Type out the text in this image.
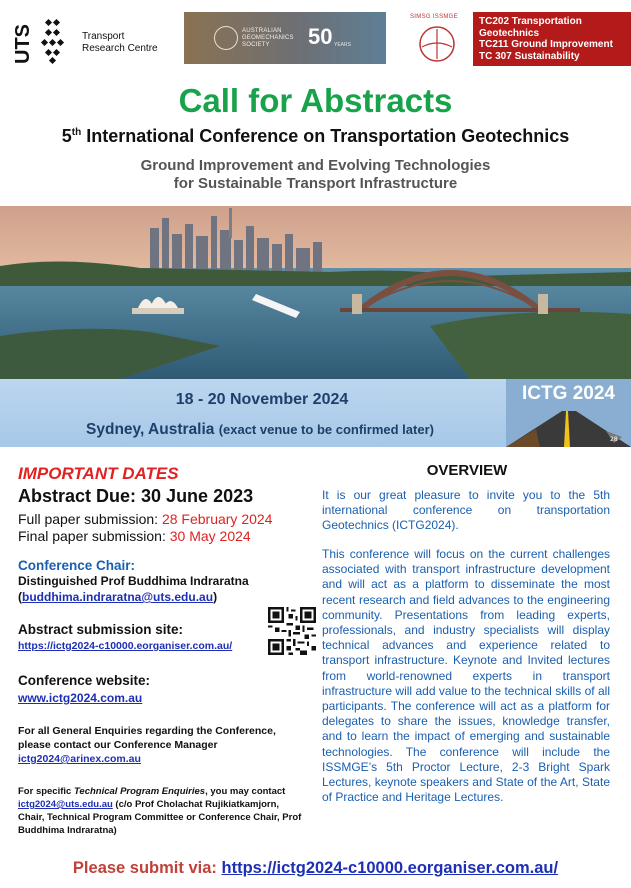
UTS	Transport
Research Centre
AUSTRALIAN
GEOMECHANICS
SOCIETY	50 YEARS
SIMSG ISSMGE TC202 Transportation
Geotechnics
TC211 Ground Improvement
TC 307 Sustainability
Call for Abstracts
5th International Conference on Transportation Geotechnics
Ground Improvement and Evolving Technologies
for Sustainable Transport Infrastructure
18 - 20 November 2024
Sydney, Australia (exact venue to be confirmed later)
ICTG 2024
28
IMPORTANT DATES
Abstract Due: 30 June 2023
Full paper submission: 28 February 2024
Final paper submission: 30 May 2024
Conference Chair:
Distinguished Prof Buddhima Indraratna
(buddhima.indraratna@uts.edu.au)
Abstract submission site:
https://ictg2024-c10000.eorganiser.com.au/
Conference website:
www.ictg2024.com.au
For all General Enquiries regarding the Conference, please contact our Conference Manager ictg2024@arinex.com.au
For specific Technical Program Enquiries, you may contact ictg2024@uts.edu.au (c/o Prof Cholachat Rujikiatkamjorn, Chair, Technical Program Committee or Conference Chair, Prof Buddhima Indraratna)
OVERVIEW

It is our great pleasure to invite you to the 5th international conference on transportation Geotechnics (ICTG2024).

This conference will focus on the current challenges associated with transport infrastructure development and will act as a platform to disseminate the most recent research and field advances to the engineering community. Presentations from leading experts, professionals, and industry specialists will display technical advances and experience related to transport infrastructure. Keynote and Invited lectures from world-renowned experts in transport infrastructure will add value to the technical skills of all participants. The conference will act as a platform for delegates to share the issues, knowledge transfer, and to learn the impact of emerging and sustainable technologies. The conference will include the ISSMGE’s 5th Proctor Lecture, 2-3 Bright Spark Lectures, keynote speakers and State of the Art, State of Practice and Heritage Lectures.

Please submit via: https://ictg2024-c10000.eorganiser.com.au/
